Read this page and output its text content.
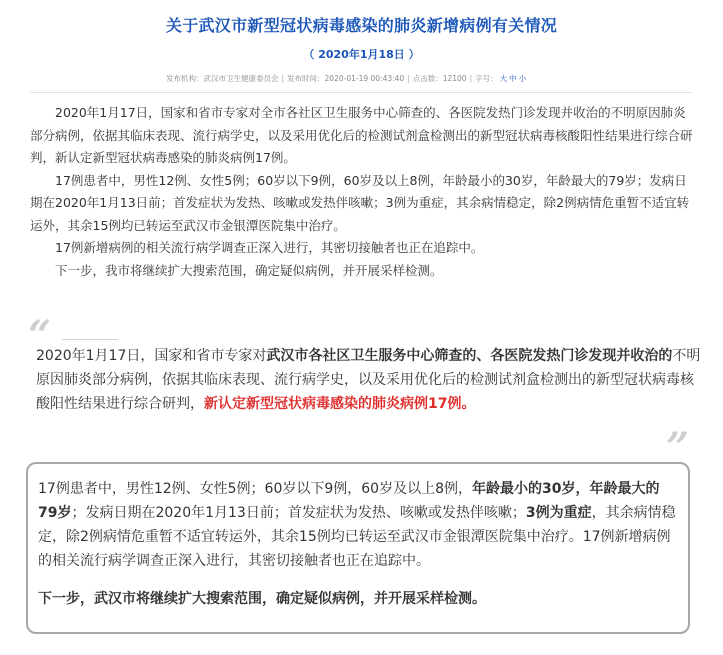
关于武汉市新型冠状病毒感染的肺炎新增病例有关情况
（ 2020年1月18日 ）
发布机构：武汉市卫生健康委员会 | 发布时间：2020-01-19 00:43:40 | 点击数：12100 | 字号： 大 中 小

2020年1月17日，国家和省市专家对全市各社区卫生服务中心筛查的、各医院发热门诊发现并收治的不明原因肺炎部分病例，依据其临床表现、流行病学史，以及采用优化后的检测试剂盒检测出的新型冠状病毒核酸阳性结果进行综合研判，新认定新型冠状病毒感染的肺炎病例17例。

17例患者中，男性12例、女性5例；60岁以下9例，60岁及以上8例，年龄最小的30岁，年龄最大的79岁；发病日期在2020年1月13日前；首发症状为发热、咳嗽或发热伴咳嗽；3例为重症，其余病情稳定，除2例病情危重暂不适宜转运外，其余15例均已转运至武汉市金银潭医院集中治疗。

17例新增病例的相关流行病学调查正深入进行，其密切接触者也正在追踪中。

下一步，我市将继续扩大搜索范围，确定疑似病例，并开展采样检测。

“
2020年1月17日，国家和省市专家对武汉市各社区卫生服务中心筛查的、各医院发热门诊发现并收治的不明原因肺炎部分病例，依据其临床表现、流行病学史，以及采用优化后的检测试剂盒检测出的新型冠状病毒核酸阳性结果进行综合研判，新认定新型冠状病毒感染的肺炎病例17例。
”

17例患者中，男性12例、女性5例；60岁以下9例，60岁及以上8例，年龄最小的30岁，年龄最大的79岁；发病日期在2020年1月13日前；首发症状为发热、咳嗽或发热伴咳嗽；3例为重症，其余病情稳定，除2例病情危重暂不适宜转运外，其余15例均已转运至武汉市金银潭医院集中治疗。17例新增病例的相关流行病学调查正深入进行，其密切接触者也正在追踪中。

下一步，武汉市将继续扩大搜索范围，确定疑似病例，并开展采样检测。
